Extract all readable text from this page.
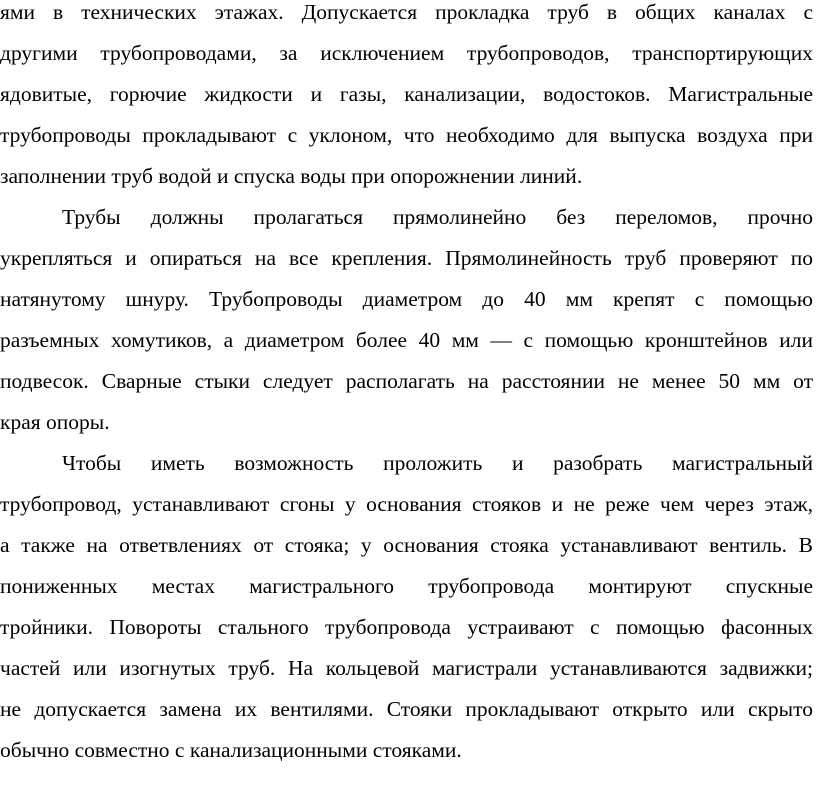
ями в технических этажах. Допускается прокладка труб в общих каналах с
другими трубопроводами, за исключением трубопроводов, транспортирующих
ядовитые, горючие жидкости и газы, канализации, водостоков. Магистральные
трубопроводы прокладывают с уклоном, что необходимо для выпуска воздуха при
заполнении труб водой и спуска воды при опорожнении линий.
Трубы должны пролагаться прямолинейно без переломов, прочно
укрепляться и опираться на все крепления. Прямолинейность труб проверяют по
натянутому шнуру. Трубопроводы диаметром до 40 мм крепят с помощью
разъемных хомутиков, а диаметром более 40 мм — с помощью кронштейнов или
подвесок. Сварные стыки следует располагать на расстоянии не менее 50 мм от
края опоры.
Чтобы иметь возможность проложить и разобрать магистральный
трубопровод, устанавливают сгоны у основания стояков и не реже чем через этаж,
а также на ответвлениях от стояка; у основания стояка устанавливают вентиль. В
пониженных местах магистрального трубопровода монтируют спускные
тройники. Повороты стального трубопровода устраивают с помощью фасонных
частей или изогнутых труб. На кольцевой магистрали устанавливаются задвижки;
не допускается замена их вентилями. Стояки прокладывают открыто или скрыто
обычно совместно с канализационными стояками.
